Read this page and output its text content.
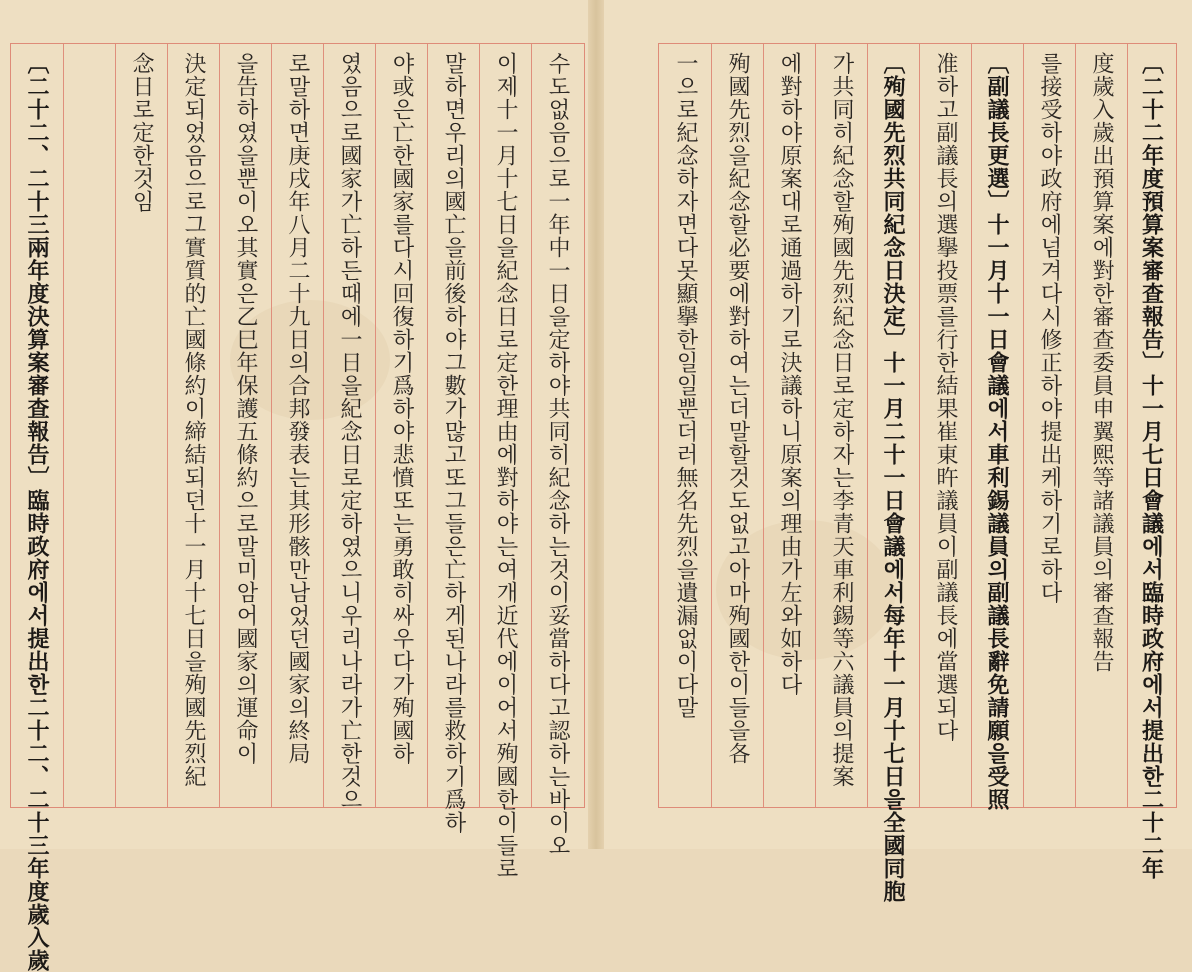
수도없음으로一年中一日을定하야共同히紀念하는것이妥當하다고認하는바이오
이제十一月十七日을紀念日로定한理由에對하야는여개近代에이어서殉國한이들로
말하면우리의國亡을前後하야그數가많고또그들은亡하게된나라를救하기爲하
야或은亡한國家를다시回復하기爲하야悲憤또는勇敢히싸우다가殉國하
였음으로國家가亡하든때에一日을紀念日로定하였으니우리나라가亡한것으
로말하면庚戌年八月二十九日의合邦發表는其形骸만남었던國家의終局
을告하였을뿐이오其實은乙巳年保護五條約으로말미암어國家의運命이
決定되었음으로그實質的亡國條約이締結되던十一月十七日을殉國先烈紀
念日로定한것임
〔二十二、二十三兩年度決算案審查報告〕臨時政府에서提出한二十二、二十三年度歲入歲	〔二十二年度預算案審查報告〕十一月七日會議에서臨時政府에서提出한二十二年
度歲入歲出預算案에對한審查委員申翼熙等諸議員의審查報告
를接受하야政府에넘겨다시修正하야提出케하기로하다
〔副議長更選〕十一月十一日會議에서車利錫議員의副議長辭免請願을受照
准하고副議長의選擧投票를行한結果崔東旿議員이副議長에當選되다
〔殉國先烈共同紀念日決定〕十一月二十一日會議에서每年十一月十七日을全國同胞
가共同히紀念할殉國先烈紀念日로定하자는李青天車利錫等六議員의提案
에對하야原案대로通過하기로決議하니原案의理由가左와如하다
殉國先烈을紀念할必要에對하여는더말할것도없고아마殉國한이들을各
一으로紀念하자면다못顯擧한일일뿐더러無名先烈을遺漏없이다말
